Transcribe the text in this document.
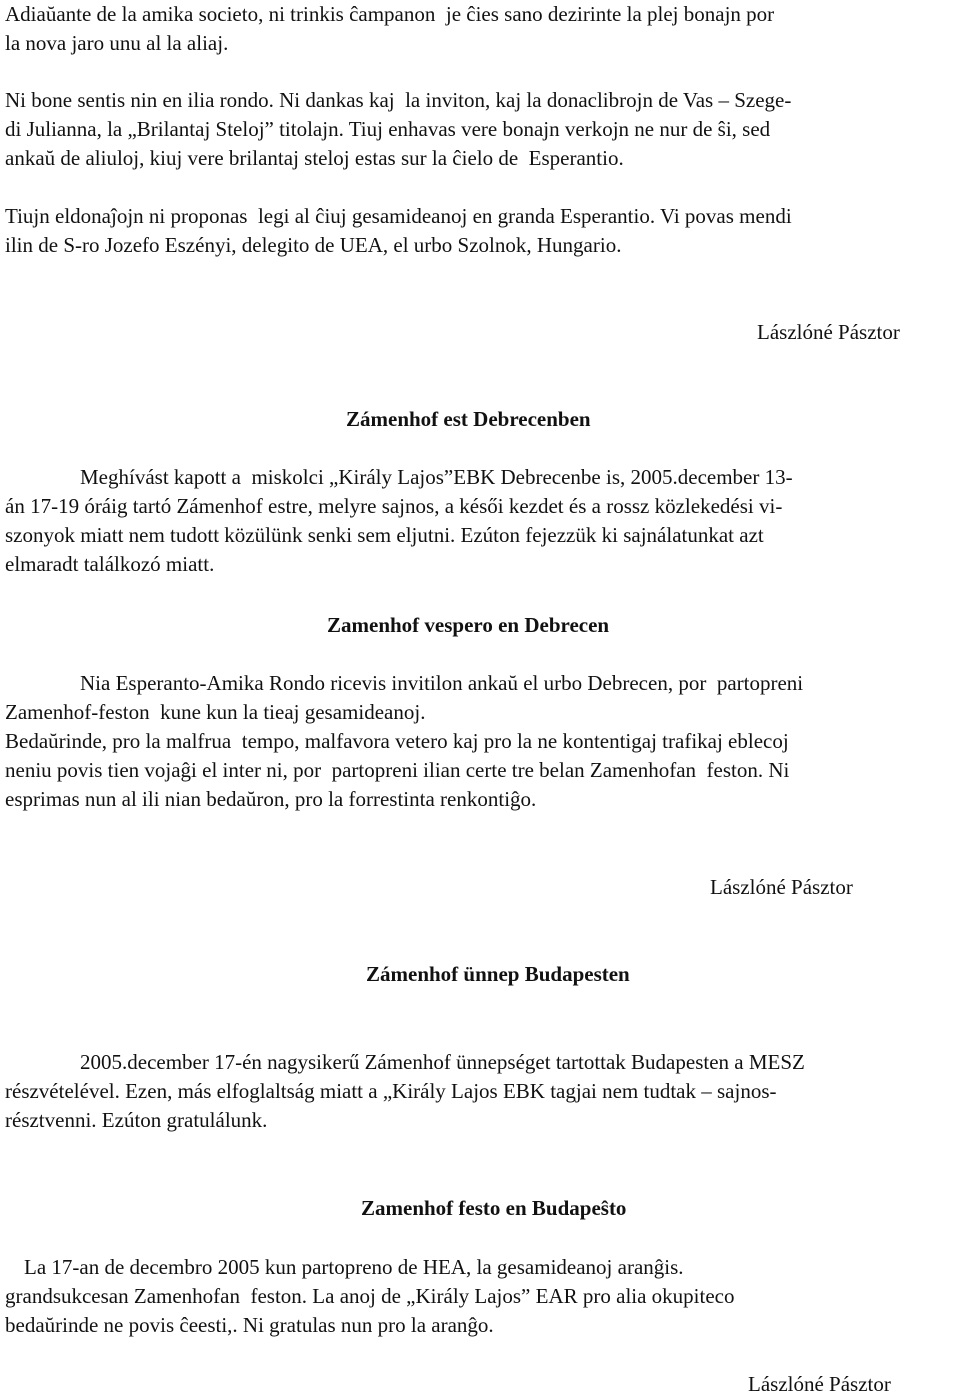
Adiaŭante de la amika societo, ni trinkis ĉampanon  je ĉies sano dezirinte la plej bonajn por
la nova jaro unu al la aliaj.
Ni bone sentis nin en ilia rondo. Ni dankas kaj  la inviton, kaj la donaclibrojn de Vas – Szege-
di Julianna, la „Brilantaj Steloj” titolajn. Tiuj enhavas vere bonajn verkojn ne nur de ŝi, sed
ankaŭ de aliuloj, kiuj vere brilantaj steloj estas sur la ĉielo de  Esperantio.
Tiujn eldonaĵojn ni proponas  legi al ĉiuj gesamideanoj en granda Esperantio. Vi povas mendi
ilin de S-ro Jozefo Eszényi, delegito de UEA, el urbo Szolnok, Hungario.
Lászlóné Pásztor
Zámenhof est Debrecenben
Meghívást kapott a  miskolci „Király Lajos”EBK Debrecenbe is, 2005.december 13-
án 17-19 óráig tartó Zámenhof estre, melyre sajnos, a késői kezdet és a rossz közlekedési vi-
szonyok miatt nem tudott közülünk senki sem eljutni. Ezúton fejezzük ki sajnálatunkat azt
elmaradt találkozó miatt.
Zamenhof vespero en Debrecen
Nia Esperanto-Amika Rondo ricevis invitilon ankaŭ el urbo Debrecen, por  partopreni
Zamenhof-feston  kune kun la tieaj gesamideanoj.
Bedaŭrinde, pro la malfrua  tempo, malfavora vetero kaj pro la ne kontentigaj trafikaj eblecoj
neniu povis tien vojaĝi el inter ni, por  partopreni ilian certe tre belan Zamenhofan  feston. Ni
esprimas nun al ili nian bedaŭron, pro la forrestinta renkontiĝo.
Lászlóné Pásztor
Zámenhof ünnep Budapesten
2005.december 17-én nagysikerű Zámenhof ünnepséget tartottak Budapesten a MESZ
részvételével. Ezen, más elfoglaltság miatt a „Király Lajos EBK tagjai nem tudtak – sajnos-
résztvenni. Ezúton gratulálunk.
Zamenhof festo en Budapeŝto
La 17-an de decembro 2005 kun partopreno de HEA, la gesamideanoj aranĝis.
grandsukcesan Zamenhofan  feston. La anoj de „Király Lajos” EAR pro alia okupiteco
bedaŭrinde ne povis ĉeesti,. Ni gratulas nun pro la aranĝo.
Lászlóné Pásztor
